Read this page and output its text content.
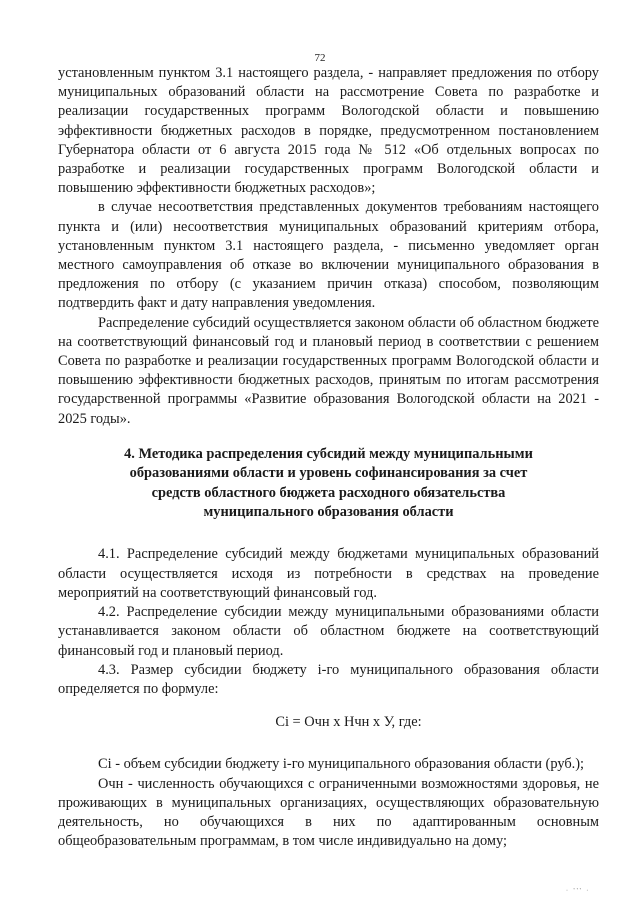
72

установленным пунктом 3.1 настоящего раздела, - направляет предложения по отбору муниципальных образований области на рассмотрение Совета по разработке и реализации государственных программ Вологодской области и повышению эффективности бюджетных расходов в порядке, предусмотренном постановлением Губернатора области от 6 августа 2015 года № 512 «Об отдельных вопросах по разработке и реализации государственных программ Вологодской области и повышению эффективности бюджетных расходов»;

в случае несоответствия представленных документов требованиям настоящего пункта и (или) несоответствия муниципальных образований критериям отбора, установленным пунктом 3.1 настоящего раздела, - письменно уведомляет орган местного самоуправления об отказе во включении муниципального образования в предложения по отбору (с указанием причин отказа) способом, позволяющим подтвердить факт и дату направления уведомления.

Распределение субсидий осуществляется законом области об областном бюджете на соответствующий финансовый год и плановый период в соответствии с решением Совета по разработке и реализации государственных программ Вологодской области и повышению эффективности бюджетных расходов, принятым по итогам рассмотрения государственной программы «Развитие образования Вологодской области на 2021 - 2025 годы».

4. Методика распределения субсидий между муниципальными
образованиями области и уровень софинансирования за счет
средств областного бюджета расходного обязательства
муниципального образования области

4.1. Распределение субсидий между бюджетами муниципальных образований области осуществляется исходя из потребности в средствах на проведение мероприятий на соответствующий финансовый год.

4.2. Распределение субсидии между муниципальными образованиями области устанавливается законом области об областном бюджете на соответствующий финансовый год и плановый период.

4.3. Размер субсидии бюджету i-го муниципального образования области определяется по формуле:

Ci = Очн х Нчн х У, где:

Ci - объем субсидии бюджету i-го муниципального образования области (руб.);

Очн - численность обучающихся с ограниченными возможностями здоровья, не проживающих в муниципальных организациях, осуществляющих образовательную деятельность, но обучающихся в них по адаптированным основным общеобразовательным программам, в том числе индивидуально на дому;

· ''' ·
